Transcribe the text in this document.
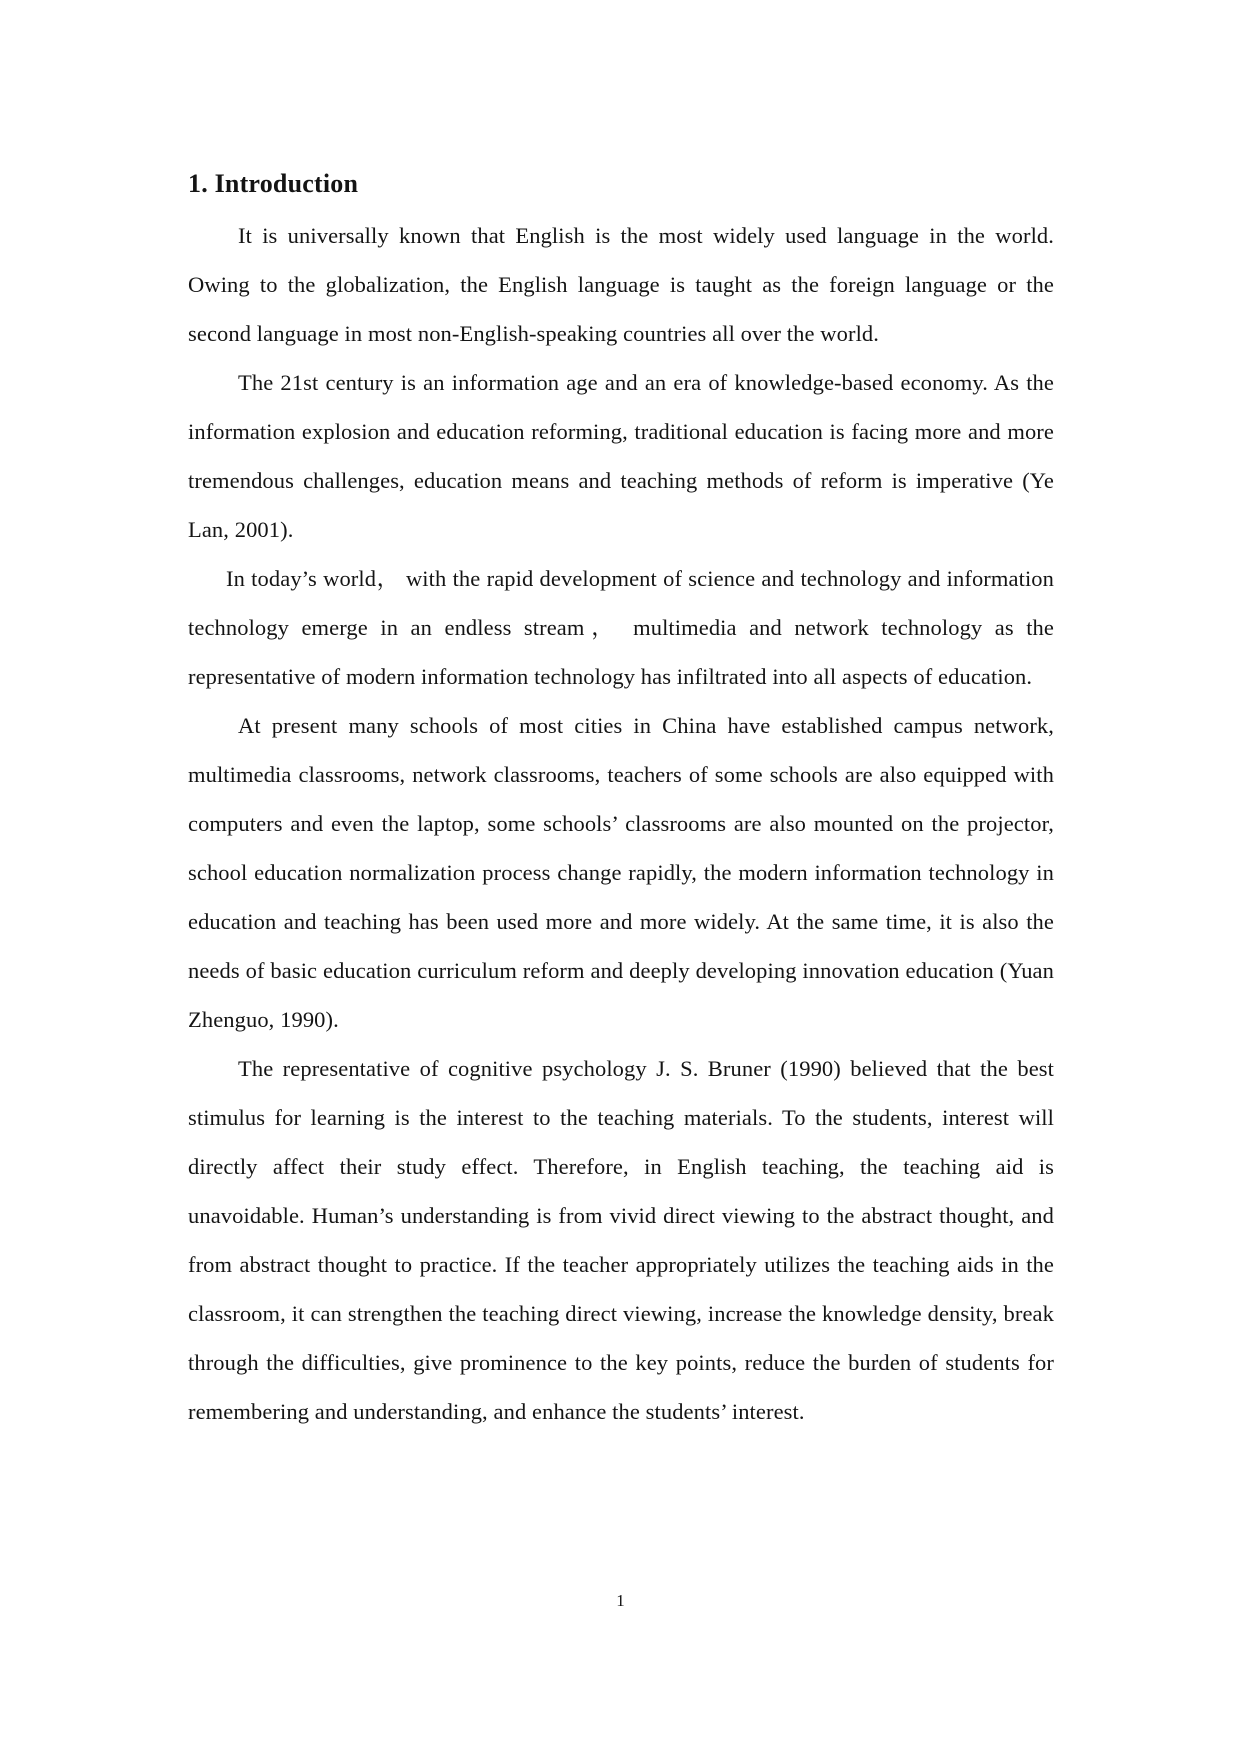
1. Introduction

It is universally known that English is the most widely used language in the world. Owing to the globalization, the English language is taught as the foreign language or the second language in most non-English-speaking countries all over the world.

The 21st century is an information age and an era of knowledge-based economy. As the information explosion and education reforming, traditional education is facing more and more tremendous challenges, education means and teaching methods of reform is imperative (Ye Lan, 2001).

In today’s world， with the rapid development of science and technology and information technology emerge in an endless stream， multimedia and network technology as the representative of modern information technology has infiltrated into all aspects of education.

At present many schools of most cities in China have established campus network, multimedia classrooms, network classrooms, teachers of some schools are also equipped with computers and even the laptop, some schools’ classrooms are also mounted on the projector, school education normalization process change rapidly, the modern information technology in education and teaching has been used more and more widely. At the same time, it is also the needs of basic education curriculum reform and deeply developing innovation education (Yuan Zhenguo, 1990).

The representative of cognitive psychology J. S. Bruner (1990) believed that the best stimulus for learning is the interest to the teaching materials. To the students, interest will directly affect their study effect. Therefore, in English teaching, the teaching aid is unavoidable. Human’s understanding is from vivid direct viewing to the abstract thought, and from abstract thought to practice. If the teacher appropriately utilizes the teaching aids in the classroom, it can strengthen the teaching direct viewing, increase the knowledge density, break through the difficulties, give prominence to the key points, reduce the burden of students for remembering and understanding, and enhance the students’ interest.

1
